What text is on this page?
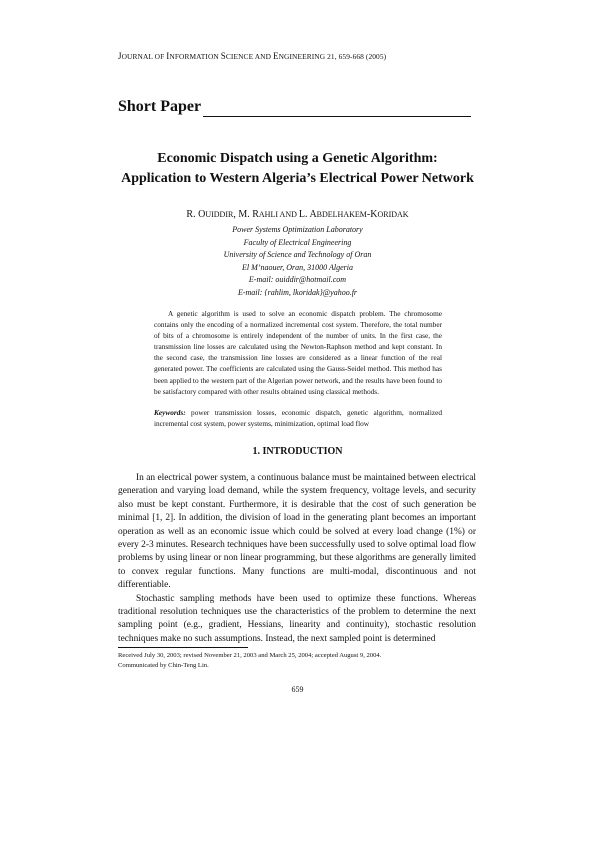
JOURNAL OF INFORMATION SCIENCE AND ENGINEERING 21, 659-668 (2005)
Short Paper
Economic Dispatch using a Genetic Algorithm:
Application to Western Algeria’s Electrical Power Network
R. OUIDDIR, M. RAHLI AND L. ABDELHAKEM-KORIDAK
Power Systems Optimization Laboratory
Faculty of Electrical Engineering
University of Science and Technology of Oran
El M’naouer, Oran, 31000 Algeria
E-mail: ouiddir@hotmail.com
E-mail: {rahlim, lkoridak}@yahoo.fr

A genetic algorithm is used to solve an economic dispatch problem. The chromosome contains only the encoding of a normalized incremental cost system. Therefore, the total number of bits of a chromosome is entirely independent of the number of units. In the first case, the transmission line losses are calculated using the Newton-Raphson method and kept constant. In the second case, the transmission line losses are considered as a linear function of the real generated power. The coefficients are calculated using the Gauss-Seidel method. This method has been applied to the western part of the Algerian power network, and the results have been found to be satisfactory compared with other results obtained using classical methods.

Keywords: power transmission losses, economic dispatch, genetic algorithm, normalized incremental cost system, power systems, minimization, optimal load flow
1. INTRODUCTION

In an electrical power system, a continuous balance must be maintained between electrical generation and varying load demand, while the system frequency, voltage levels, and security also must be kept constant. Furthermore, it is desirable that the cost of such generation be minimal [1, 2]. In addition, the division of load in the generating plant becomes an important operation as well as an economic issue which could be solved at every load change (1%) or every 2-3 minutes. Research techniques have been successfully used to solve optimal load flow problems by using linear or non linear programming, but these algorithms are generally limited to convex regular functions. Many functions are multi-modal, discontinuous and not differentiable.

Stochastic sampling methods have been used to optimize these functions. Whereas traditional resolution techniques use the characteristics of the problem to determine the next sampling point (e.g., gradient, Hessians, linearity and continuity), stochastic resolution techniques make no such assumptions. Instead, the next sampled point is determined

Received July 30, 2003; revised November 21, 2003 and March 25, 2004; accepted August 9, 2004.
Communicated by Chin-Teng Lin.
659
